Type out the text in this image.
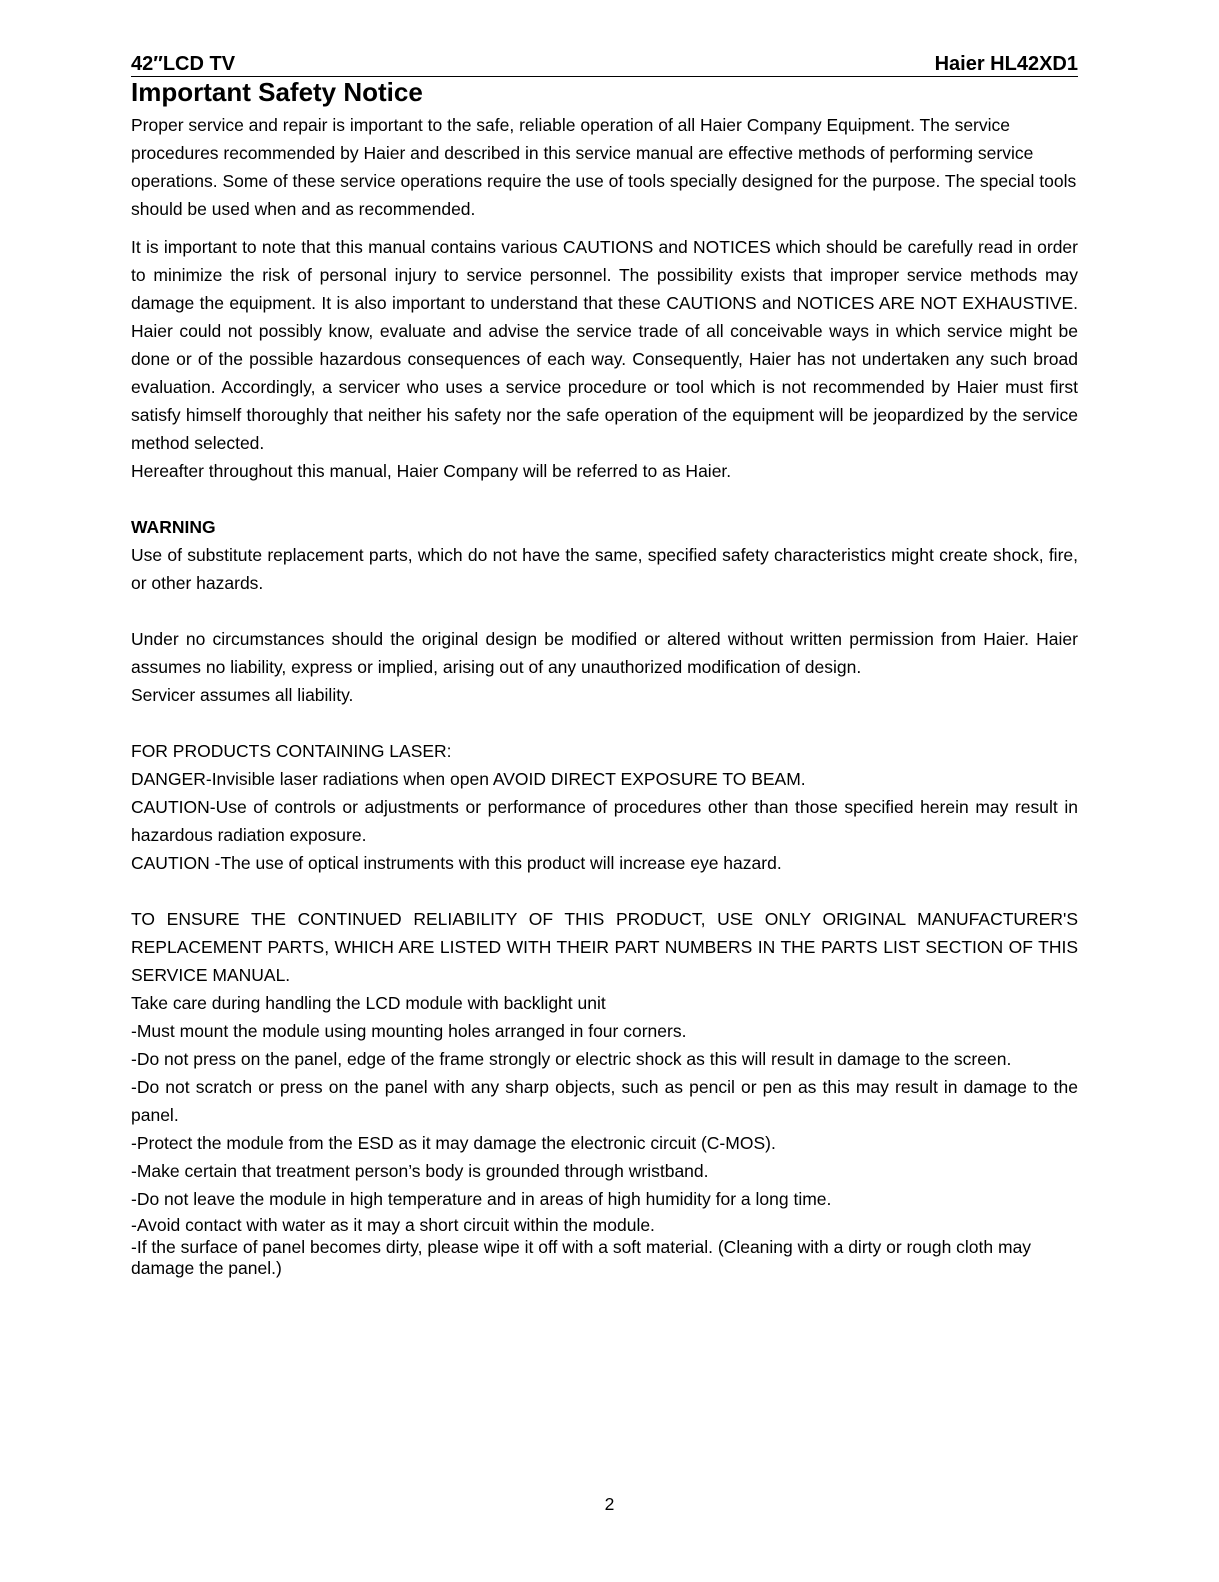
42″LCD TV	Haier HL42XD1
Important Safety Notice

Proper service and repair is important to the safe, reliable operation of all Haier Company Equipment. The service procedures recommended by Haier and described in this service manual are effective methods of performing service operations. Some of these service operations require the use of tools specially designed for the purpose. The special tools should be used when and as recommended.

It is important to note that this manual contains various CAUTIONS and NOTICES which should be carefully read in order to minimize the risk of personal injury to service personnel. The possibility exists that improper service methods may damage the equipment. It is also important to understand that these CAUTIONS and NOTICES ARE NOT EXHAUSTIVE. Haier could not possibly know, evaluate and advise the service trade of all conceivable ways in which service might be done or of the possible hazardous consequences of each way. Consequently, Haier has not undertaken any such broad evaluation. Accordingly, a servicer who uses a service procedure or tool which is not recommended by Haier must first satisfy himself thoroughly that neither his safety nor the safe operation of the equipment will be jeopardized by the service method selected.

Hereafter throughout this manual, Haier Company will be referred to as Haier.

WARNING

Use of substitute replacement parts, which do not have the same, specified safety characteristics might create shock, fire, or other hazards.

Under no circumstances should the original design be modified or altered without written permission from Haier. Haier assumes no liability, express or implied, arising out of any unauthorized modification of design.

Servicer assumes all liability.

FOR PRODUCTS CONTAINING LASER:

DANGER-Invisible laser radiations when open AVOID DIRECT EXPOSURE TO BEAM.

CAUTION-Use of controls or adjustments or performance of procedures other than those specified herein may result in hazardous radiation exposure.

CAUTION -The use of optical instruments with this product will increase eye hazard.

TO ENSURE THE CONTINUED RELIABILITY OF THIS PRODUCT, USE ONLY ORIGINAL MANUFACTURER'S REPLACEMENT PARTS, WHICH ARE LISTED WITH THEIR PART NUMBERS IN THE PARTS LIST SECTION OF THIS SERVICE MANUAL.

Take care during handling the LCD module with backlight unit

-Must mount the module using mounting holes arranged in four corners.

-Do not press on the panel, edge of the frame strongly or electric shock as this will result in damage to the screen.

-Do not scratch or press on the panel with any sharp objects, such as pencil or pen as this may result in damage to the panel.

-Protect the module from the ESD as it may damage the electronic circuit (C-MOS).

-Make certain that treatment person’s body is grounded through wristband.

-Do not leave the module in high temperature and in areas of high humidity for a long time.

-Avoid contact with water as it may a short circuit within the module.

-If the surface of panel becomes dirty, please wipe it off with a soft material. (Cleaning with a dirty or rough cloth may damage the panel.)

2
